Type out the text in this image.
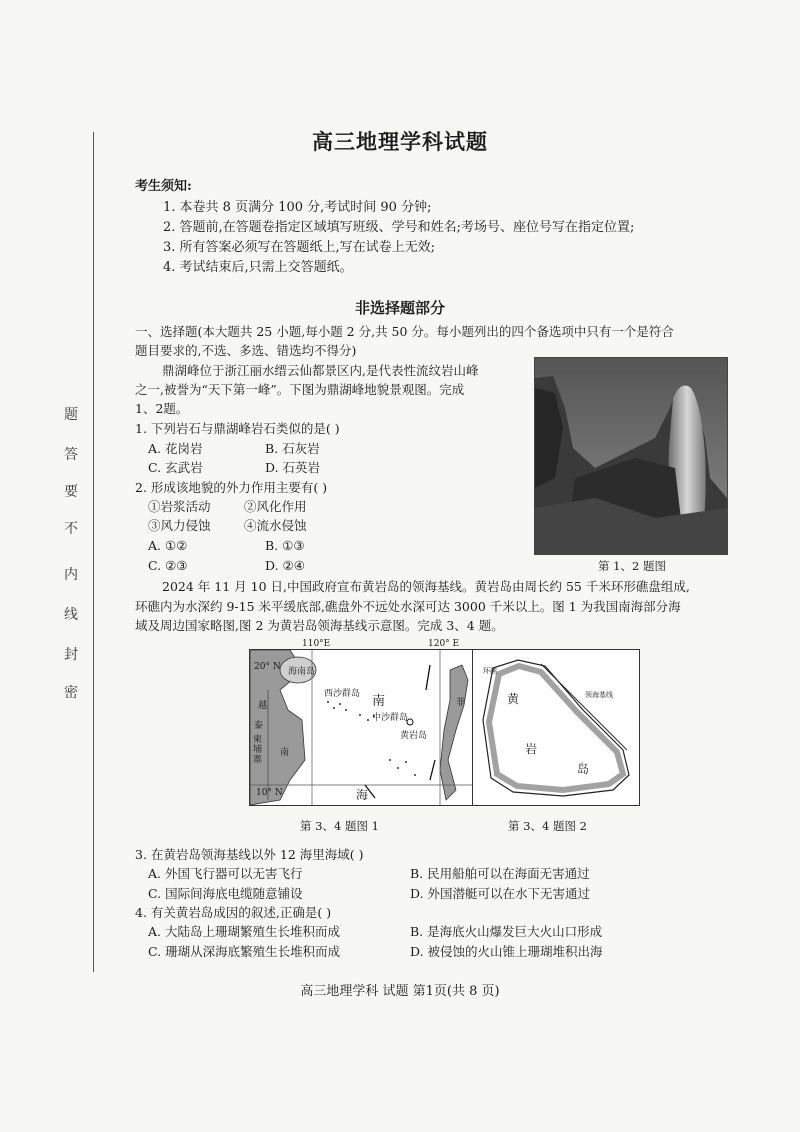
题
答
要
不
内
线
封
密
高三地理学科试题
考生须知:
1. 本卷共 8 页满分 100 分,考试时间 90 分钟;
2. 答题前,在答题卷指定区域填写班级、学号和姓名;考场号、座位号写在指定位置;
3. 所有答案必须写在答题纸上,写在试卷上无效;
4. 考试结束后,只需上交答题纸。
非选择题部分
一、选择题(本大题共 25 小题,每小题 2 分,共 50 分。每小题列出的四个备选项中只有一个是符合
题目要求的,不选、多选、错选均不得分)
鼎湖峰位于浙江丽水缙云仙都景区内,是代表性流纹岩山峰
之一,被誉为“天下第一峰”。下图为鼎湖峰地貌景观图。完成
1、2题。
1. 下列岩石与鼎湖峰岩石类似的是( )
A. 花岗岩	B. 石灰岩
C. 玄武岩	D. 石英岩
2. 形成该地貌的外力作用主要有( )
①岩浆活动	②风化作用
③风力侵蚀	④流水侵蚀
A. ①②	B. ①③
C. ②③	D. ②④	第 1、2 题图
2024 年 11 月 10 日,中国政府宣布黄岩岛的领海基线。黄岩岛由周长约 55 千米环形礁盘组成,
环礁内为水深约 9-15 米平缓底部,礁盘外不远处水深可达 3000 千米以上。图 1 为我国南海部分海
域及周边国家略图,图 2 为黄岩岛领海基线示意图。完成 3、4 题。
20° N
10° N
110°E	120° E
海南岛
西沙群岛
中沙群岛
黄岩岛
南
海
越
南
泰
柬埔寨
菲
第 3、4 题图 1
环礁
领海基线
黄
岩
岛
第 3、4 题图 2
3. 在黄岩岛领海基线以外 12 海里海域( )
A. 外国飞行器可以无害飞行	B. 民用船舶可以在海面无害通过
C. 国际间海底电缆随意铺设	D. 外国潜艇可以在水下无害通过
4. 有关黄岩岛成因的叙述,正确是( )
A. 大陆岛上珊瑚繁殖生长堆积而成	B. 是海底火山爆发巨大火山口形成
C. 珊瑚从深海底繁殖生长堆积而成	D. 被侵蚀的火山锥上珊瑚堆积出海
高三地理学科 试题 第1页(共 8 页)
